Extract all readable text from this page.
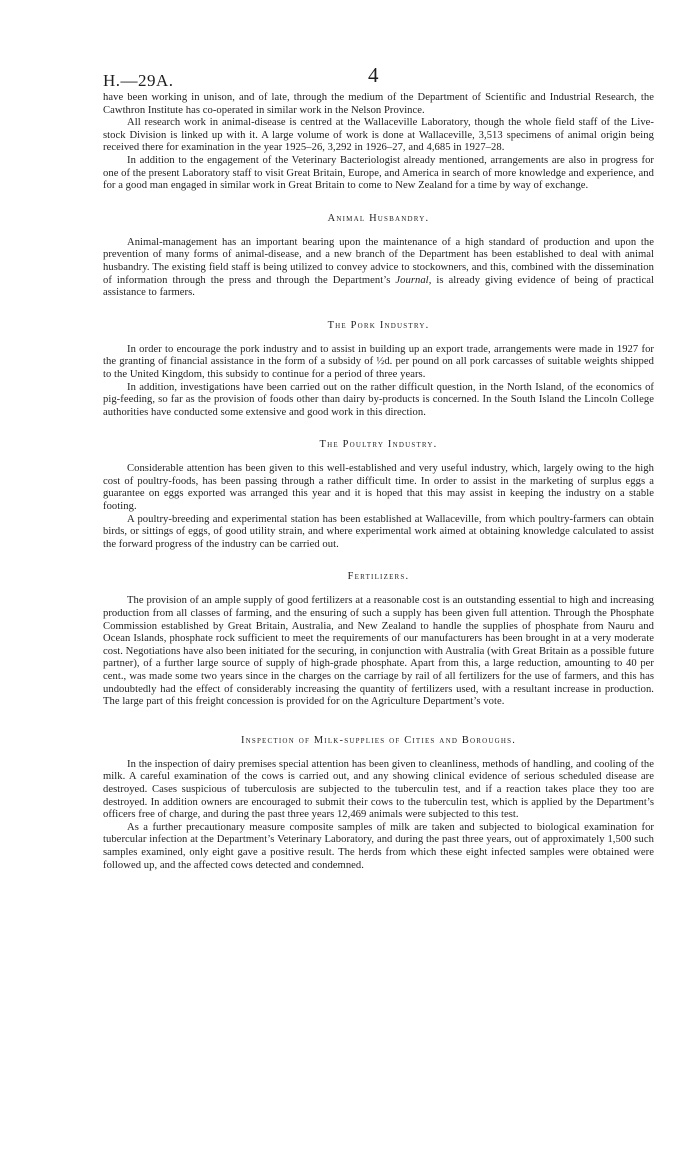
H.—29A.	4

have been working in unison, and of late, through the medium of the Department of Scientific and Industrial Research, the Cawthron Institute has co-operated in similar work in the Nelson Province.

All research work in animal-disease is centred at the Wallaceville Laboratory, though the whole field staff of the Live-stock Division is linked up with it. A large volume of work is done at Wallaceville, 3,513 specimens of animal origin being received there for examination in the year 1925–26, 3,292 in 1926–27, and 4,685 in 1927–28.

In addition to the engagement of the Veterinary Bacteriologist already mentioned, arrangements are also in progress for one of the present Laboratory staff to visit Great Britain, Europe, and America in search of more knowledge and experience, and for a good man engaged in similar work in Great Britain to come to New Zealand for a time by way of exchange.

Animal Husbandry.

Animal-management has an important bearing upon the maintenance of a high standard of production and upon the prevention of many forms of animal-disease, and a new branch of the Department has been established to deal with animal husbandry. The existing field staff is being utilized to convey advice to stockowners, and this, combined with the dissemination of information through the press and through the Department’s Journal, is already giving evidence of being of practical assistance to farmers.

The Pork Industry.

In order to encourage the pork industry and to assist in building up an export trade, arrangements were made in 1927 for the granting of financial assistance in the form of a subsidy of ½d. per pound on all pork carcasses of suitable weights shipped to the United Kingdom, this subsidy to continue for a period of three years.

In addition, investigations have been carried out on the rather difficult question, in the North Island, of the economics of pig-feeding, so far as the provision of foods other than dairy by-products is concerned. In the South Island the Lincoln College authorities have conducted some extensive and good work in this direction.

The Poultry Industry.

Considerable attention has been given to this well-established and very useful industry, which, largely owing to the high cost of poultry-foods, has been passing through a rather difficult time. In order to assist in the marketing of surplus eggs a guarantee on eggs exported was arranged this year and it is hoped that this may assist in keeping the industry on a stable footing.

A poultry-breeding and experimental station has been established at Wallaceville, from which poultry-farmers can obtain birds, or sittings of eggs, of good utility strain, and where experimental work aimed at obtaining knowledge calculated to assist the forward progress of the industry can be carried out.

Fertilizers.

The provision of an ample supply of good fertilizers at a reasonable cost is an outstanding essential to high and increasing production from all classes of farming, and the ensuring of such a supply has been given full attention. Through the Phosphate Commission established by Great Britain, Australia, and New Zealand to handle the supplies of phosphate from Nauru and Ocean Islands, phosphate rock sufficient to meet the requirements of our manufacturers has been brought in at a very moderate cost. Negotiations have also been initiated for the securing, in conjunction with Australia (with Great Britain as a possible future partner), of a further large source of supply of high-grade phosphate. Apart from this, a large reduction, amounting to 40 per cent., was made some two years since in the charges on the carriage by rail of all fertilizers for the use of farmers, and this has undoubtedly had the effect of considerably increasing the quantity of fertilizers used, with a resultant increase in production. The large part of this freight concession is provided for on the Agriculture Department’s vote.

Inspection of Milk-supplies of Cities and Boroughs.

In the inspection of dairy premises special attention has been given to cleanliness, methods of handling, and cooling of the milk. A careful examination of the cows is carried out, and any showing clinical evidence of serious scheduled disease are destroyed. Cases suspicious of tuberculosis are subjected to the tuberculin test, and if a reaction takes place they too are destroyed. In addition owners are encouraged to submit their cows to the tuberculin test, which is applied by the Department’s officers free of charge, and during the past three years 12,469 animals were subjected to this test.

As a further precautionary measure composite samples of milk are taken and subjected to biological examination for tubercular infection at the Department’s Veterinary Laboratory, and during the past three years, out of approximately 1,500 such samples examined, only eight gave a positive result. The herds from which these eight infected samples were obtained were followed up, and the affected cows detected and condemned.
